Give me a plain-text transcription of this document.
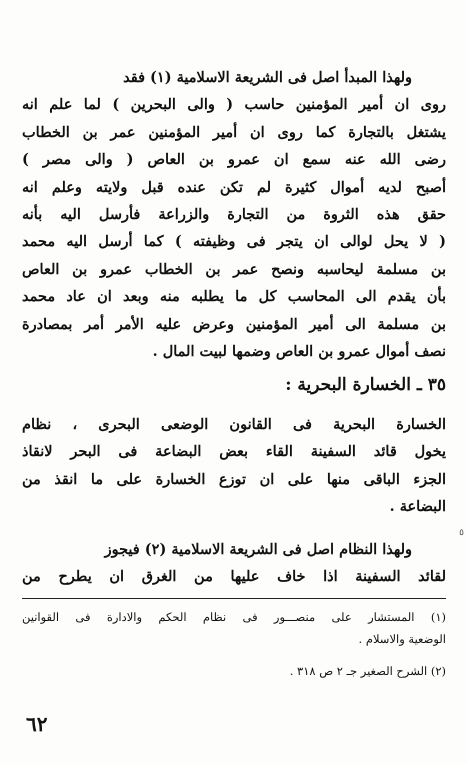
ولهذا المبدأ اصل فى الشريعة الاسلامية (١) فقد
روى ان أمير المؤمنين حاسب ( والى البحرين ) لما علم انه
يشتغل بالتجارة كما روى ان أمير المؤمنين عمر بن الخطاب
رضى الله عنه سمع ان عمرو بن العاص ( والى مصر )
أصبح لديه أموال كثيرة لم تكن عنده قبل ولايته وعلم انه
حقق هذه الثروة من التجارة والزراعة فأرسل اليه بأنه
( لا يحل لوالى ان يتجر فى وظيفته ) كما أرسل اليه محمد
بن مسلمة ليحاسبه ونصح عمر بن الخطاب عمرو بن العاص
بأن يقدم الى المحاسب كل ما يطلبه منه وبعد ان عاد محمد
بن مسلمة الى أمير المؤمنين وعرض عليه الأمر أمر بمصادرة
نصف أموال عمرو بن العاص وضمها لبيت المال .
٣٥ ـ الخسارة البحرية :
الخسارة البحرية فى القانون الوضعى البحرى ، نظام
يخول قائد السفينة القاء بعض البضاعة فى البحر لانقاذ
الجزء الباقى منها على ان توزع الخسارة على ما انقذ من
البضاعة .
٥
ولهذا النظام اصل فى الشريعة الاسلامية (٢) فيجوز
لقائد السفينة اذا خاف عليها من الغرق ان يطرح من
(١) المستشار على منصـــور فى نظام الحكم والادارة فى القوانين
الوضعية والاسلام .
(٢) الشرح الصغير جـ ٢ ص ٣١٨ .
٦٢
